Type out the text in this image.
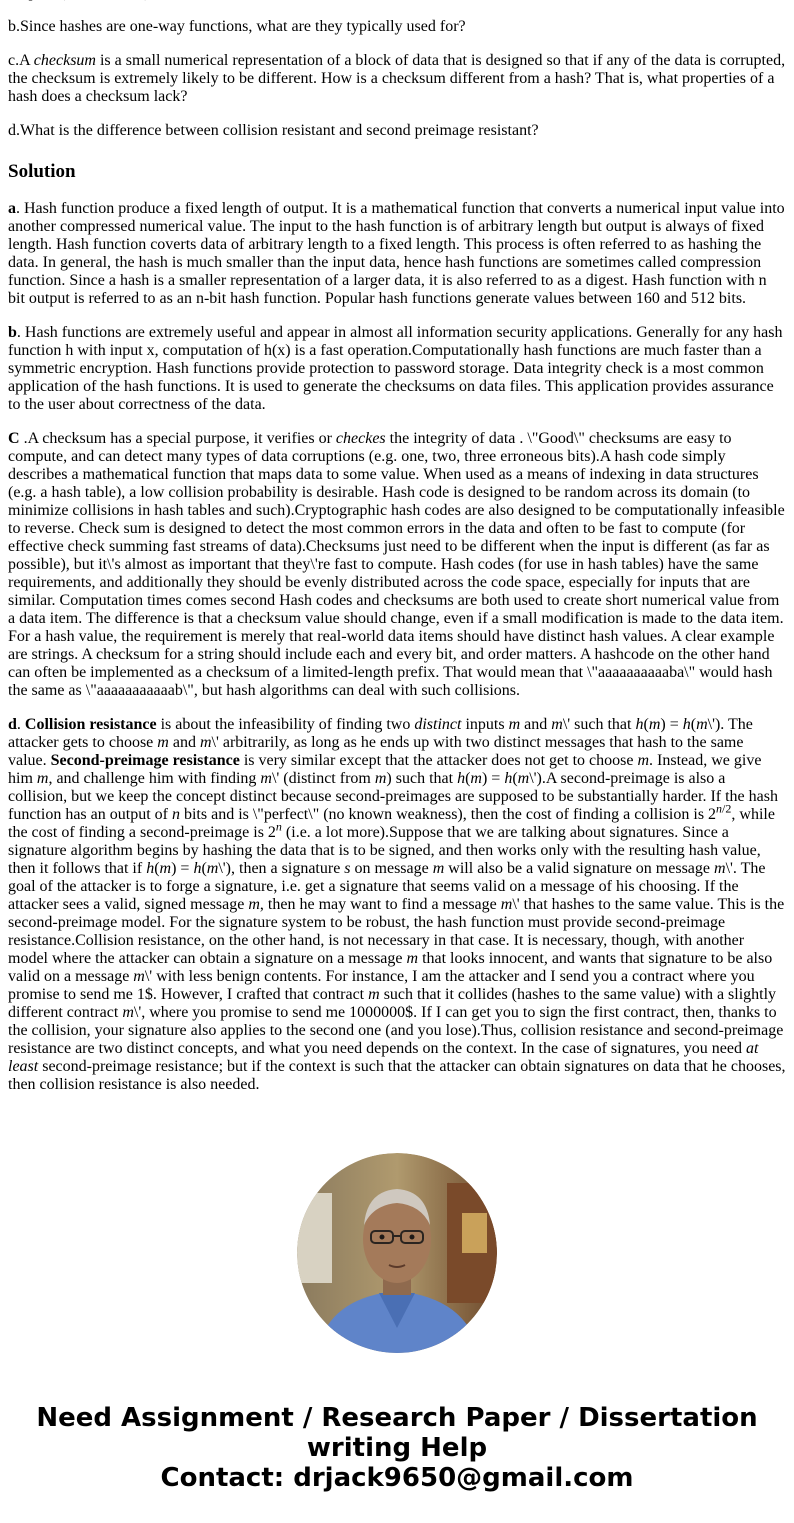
b.Since hashes are one-way functions, what are they typically used for?

c.A checksum is a small numerical representation of a block of data that is designed so that if any of the data is corrupted, the checksum is extremely likely to be different. How is a checksum different from a hash? That is, what properties of a hash does a checksum lack?

d.What is the difference between collision resistant and second preimage resistant?

Solution

a. Hash function produce a fixed length of output. It is a mathematical function that converts a numerical input value into another compressed numerical value. The input to the hash function is of arbitrary length but output is always of fixed length. Hash function coverts data of arbitrary length to a fixed length. This process is often referred to as hashing the data. In general, the hash is much smaller than the input data, hence hash functions are sometimes called compression function. Since a hash is a smaller representation of a larger data, it is also referred to as a digest. Hash function with n bit output is referred to as an n-bit hash function. Popular hash functions generate values between 160 and 512 bits.

b. Hash functions are extremely useful and appear in almost all information security applications. Generally for any hash function h with input x, computation of h(x) is a fast operation.Computationally hash functions are much faster than a symmetric encryption. Hash functions provide protection to password storage. Data integrity check is a most common application of the hash functions. It is used to generate the checksums on data files. This application provides assurance to the user about correctness of the data.

C .A checksum has a special purpose, it verifies or checkes the integrity of data . \"Good\" checksums are easy to compute, and can detect many types of data corruptions (e.g. one, two, three erroneous bits).A hash code simply describes a mathematical function that maps data to some value. When used as a means of indexing in data structures (e.g. a hash table), a low collision probability is desirable. Hash code is designed to be random across its domain (to minimize collisions in hash tables and such).Cryptographic hash codes are also designed to be computationally infeasible to reverse. Check sum is designed to detect the most common errors in the data and often to be fast to compute (for effective check summing fast streams of data).Checksums just need to be different when the input is different (as far as possible), but it\'s almost as important that they\'re fast to compute. Hash codes (for use in hash tables) have the same requirements, and additionally they should be evenly distributed across the code space, especially for inputs that are similar. Computation times comes second Hash codes and checksums are both used to create short numerical value from a data item. The difference is that a checksum value should change, even if a small modification is made to the data item. For a hash value, the requirement is merely that real-world data items should have distinct hash values. A clear example are strings. A checksum for a string should include each and every bit, and order matters. A hashcode on the other hand can often be implemented as a checksum of a limited-length prefix. That would mean that \"aaaaaaaaaaba\" would hash the same as \"aaaaaaaaaaab\", but hash algorithms can deal with such collisions.

d. Collision resistance is about the infeasibility of finding two distinct inputs m and m\' such that h(m) = h(m\'). The attacker gets to choose m and m\' arbitrarily, as long as he ends up with two distinct messages that hash to the same value. Second-preimage resistance is very similar except that the attacker does not get to choose m. Instead, we give him m, and challenge him with finding m\' (distinct from m) such that h(m) = h(m\').A second-preimage is also a collision, but we keep the concept distinct because second-preimages are supposed to be substantially harder. If the hash function has an output of n bits and is \"perfect\" (no known weakness), then the cost of finding a collision is $2^{n/2}$, while the cost of finding a second-preimage is 2$^n$ (i.e. a lot more).Suppose that we are talking about signatures. Since a signature algorithm begins by hashing the data that is to be signed, and then works only with the resulting hash value, then it follows that if h(m) = h(m\'), then a signature s on message m will also be a valid signature on message m\'. The goal of the attacker is to forge a signature, i.e. get a signature that seems valid on a message of his choosing. If the attacker sees a valid, signed message m, then he may want to find a message m\' that hashes to the same value. This is the second-preimage model. For the signature system to be robust, the hash function must provide second-preimage resistance.Collision resistance, on the other hand, is not necessary in that case. It is necessary, though, with another model where the attacker can obtain a signature on a message m that looks innocent, and wants that signature to be also valid on a message m\' with less benign contents. For instance, I am the attacker and I send you a contract where you promise to send me 1$. However, I crafted that contract m such that it collides (hashes to the same value) with a slightly different contract m\', where you promise to send me 1000000$. If I can get you to sign the first contract, then, thanks to the collision, your signature also applies to the second one (and you lose).Thus, collision resistance and second-preimage resistance are two distinct concepts, and what you need depends on the context. In the case of signatures, you need at least second-preimage resistance; but if the context is such that the attacker can obtain signatures on data that he chooses, then collision resistance is also needed.

Need Assignment / Research Paper / Dissertation
writing Help
Contact: drjack9650@gmail.com
